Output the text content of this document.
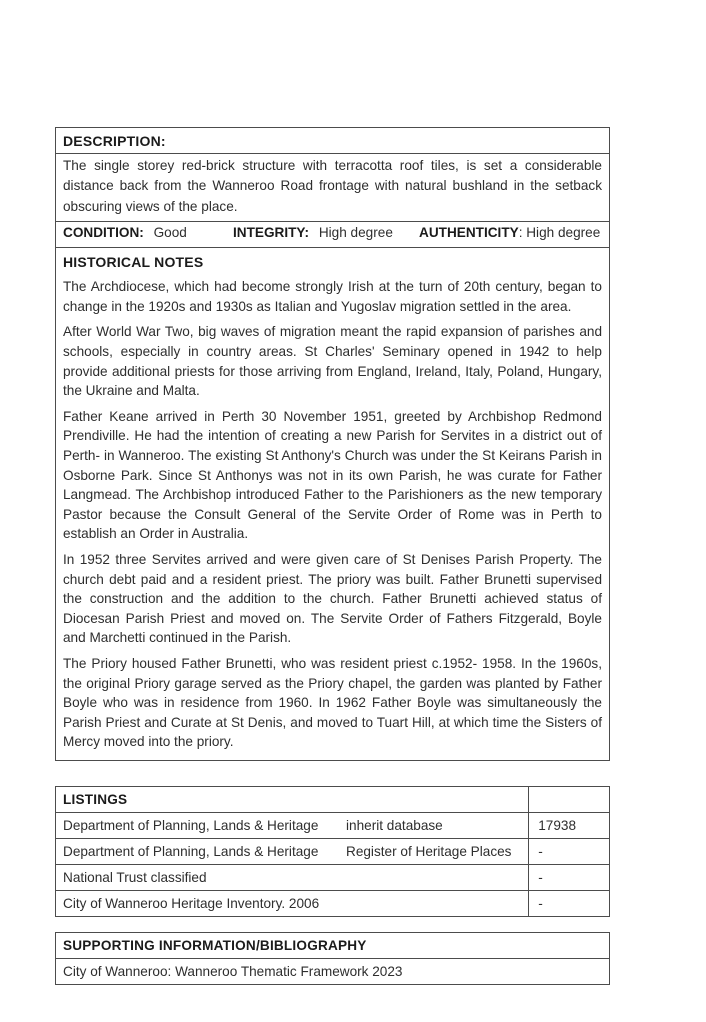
DESCRIPTION:
The single storey red-brick structure with terracotta roof tiles, is set a considerable distance back from the Wanneroo Road frontage with natural bushland in the setback obscuring views of the place.
CONDITION: Good	INTEGRITY: High degree AUTHENTICITY: High degree
HISTORICAL NOTES

The Archdiocese, which had become strongly Irish at the turn of 20th century, began to change in the 1920s and 1930s as Italian and Yugoslav migration settled in the area.

After World War Two, big waves of migration meant the rapid expansion of parishes and schools, especially in country areas. St Charles' Seminary opened in 1942 to help provide additional priests for those arriving from England, Ireland, Italy, Poland, Hungary, the Ukraine and Malta.

Father Keane arrived in Perth 30 November 1951, greeted by Archbishop Redmond Prendiville. He had the intention of creating a new Parish for Servites in a district out of Perth- in Wanneroo. The existing St Anthony's Church was under the St Keirans Parish in Osborne Park. Since St Anthonys was not in its own Parish, he was curate for Father Langmead. The Archbishop introduced Father to the Parishioners as the new temporary Pastor because the Consult General of the Servite Order of Rome was in Perth to establish an Order in Australia.

In 1952 three Servites arrived and were given care of St Denises Parish Property. The church debt paid and a resident priest. The priory was built. Father Brunetti supervised the construction and the addition to the church. Father Brunetti achieved status of Diocesan Parish Priest and moved on. The Servite Order of Fathers Fitzgerald, Boyle and Marchetti continued in the Parish.

The Priory housed Father Brunetti, who was resident priest c.1952- 1958. In the 1960s, the original Priory garage served as the Priory chapel, the garden was planted by Father Boyle who was in residence from 1960. In 1962 Father Boyle was simultaneously the Parish Priest and Curate at St Denis, and moved to Tuart Hill, at which time the Sisters of Mercy moved into the priory.

LISTINGS
Department of Planning, Lands & Heritage inherit database	17938
Department of Planning, Lands & Heritage Register of Heritage Places	-
National Trust classified	-
City of Wanneroo Heritage Inventory. 2006	-
SUPPORTING INFORMATION/BIBLIOGRAPHY
City of Wanneroo: Wanneroo Thematic Framework 2023
